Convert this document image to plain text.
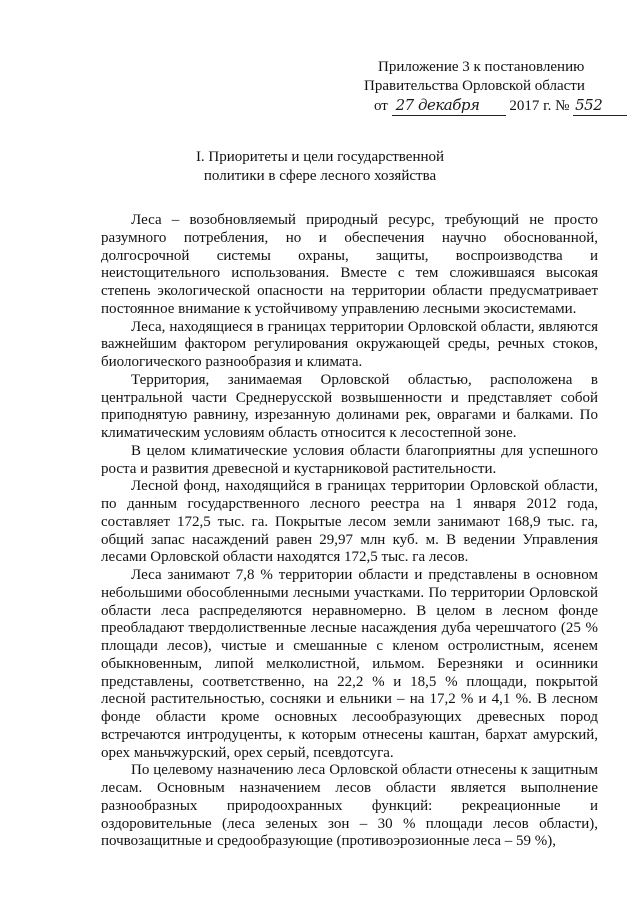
Приложение 3 к постановлению
Правительства Орловской области
от 27 декабря 2017 г. № 552
I. Приоритеты и цели государственной
политики в сфере лесного хозяйства

Леса – возобновляемый природный ресурс, требующий не просто разумного потребления, но и обеспечения научно обоснованной, долгосрочной системы охраны, защиты, воспроизводства и неистощительного использования. Вместе с тем сложившаяся высокая степень экологической опасности на территории области предусматривает постоянное внимание к устойчивому управлению лесными экосистемами.

Леса, находящиеся в границах территории Орловской области, являются важнейшим фактором регулирования окружающей среды, речных стоков, биологического разнообразия и климата.

Территория, занимаемая Орловской областью, расположена в центральной части Среднерусской возвышенности и представляет собой приподнятую равнину, изрезанную долинами рек, оврагами и балками. По климатическим условиям область относится к лесостепной зоне.

В целом климатические условия области благоприятны для успешного роста и развития древесной и кустарниковой растительности.

Лесной фонд, находящийся в границах территории Орловской области, по данным государственного лесного реестра на 1 января 2012 года, составляет 172,5 тыс. га. Покрытые лесом земли занимают 168,9 тыс. га, общий запас насаждений равен 29,97 млн куб. м. В ведении Управления лесами Орловской области находятся 172,5 тыс. га лесов.

Леса занимают 7,8 % территории области и представлены в основном небольшими обособленными лесными участками. По территории Орловской области леса распределяются неравномерно. В целом в лесном фонде преобладают твердолиственные лесные насаждения дуба черешчатого (25 % площади лесов), чистые и смешанные с кленом остролистным, ясенем обыкновенным, липой мелколистной, ильмом. Березняки и осинники представлены, соответственно, на 22,2 % и 18,5 % площади, покрытой лесной растительностью, сосняки и ельники – на 17,2 % и 4,1 %. В лесном фонде области кроме основных лесообразующих древесных пород встречаются интродуценты, к которым отнесены каштан, бархат амурский, орех маньчжурский, орех серый, псевдотсуга.

По целевому назначению леса Орловской области отнесены к защитным лесам. Основным назначением лесов области является выполнение разнообразных природоохранных функций: рекреационные и оздоровительные (леса зеленых зон – 30 % площади лесов области), почвозащитные и средообразующие (противоэрозионные леса – 59 %),
